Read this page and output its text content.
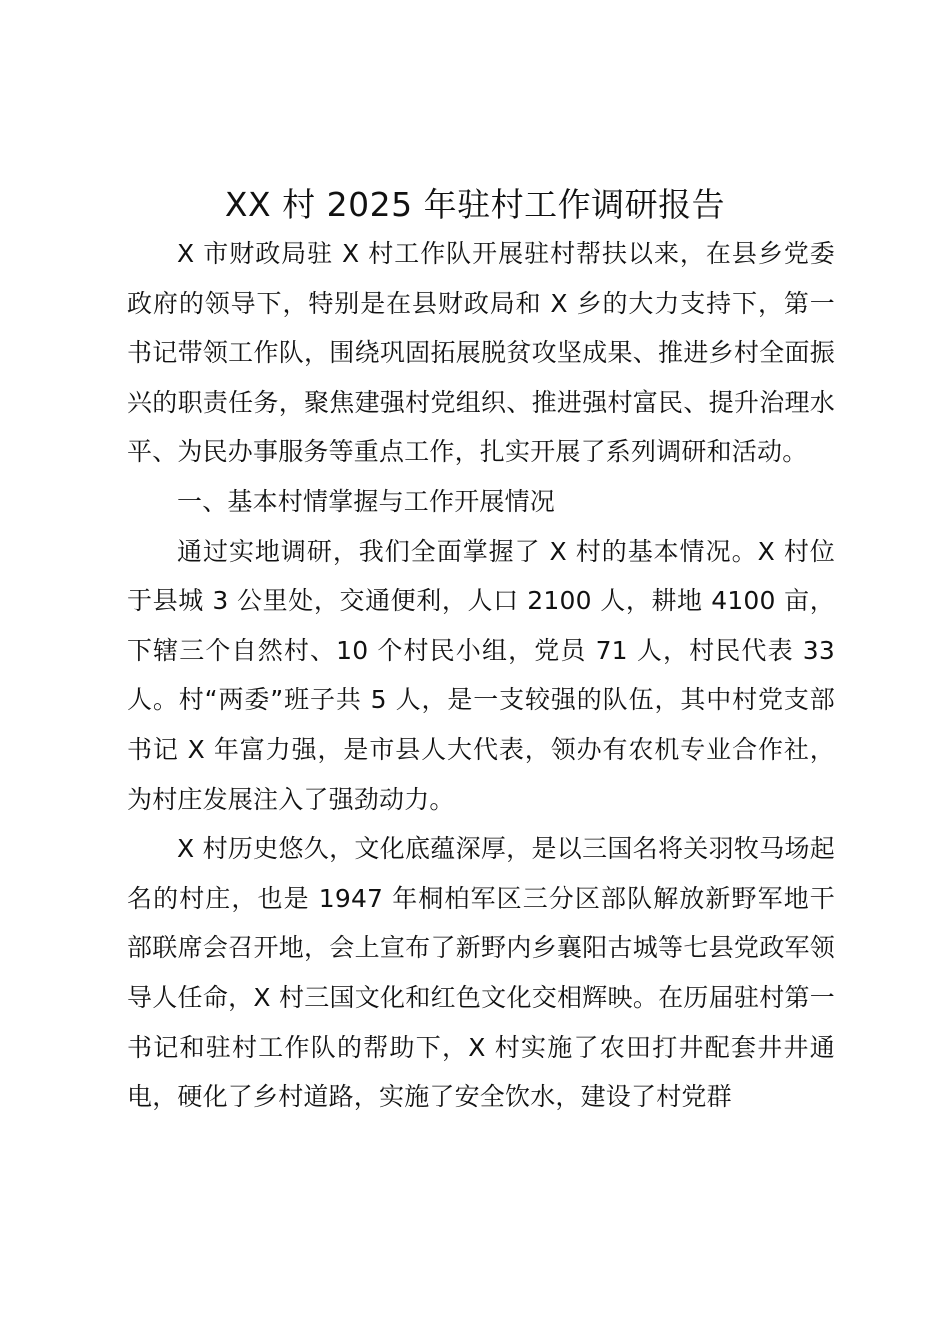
XX 村 2025 年驻村工作调研报告

X 市财政局驻 X 村工作队开展驻村帮扶以来，在县乡党委政府的领导下，特别是在县财政局和 X 乡的大力支持下，第一书记带领工作队，围绕巩固拓展脱贫攻坚成果、推进乡村全面振兴的职责任务，聚焦建强村党组织、推进强村富民、提升治理水平、为民办事服务等重点工作，扎实开展了系列调研和活动。

一、基本村情掌握与工作开展情况

通过实地调研，我们全面掌握了 X 村的基本情况。X 村位于县城 3 公里处，交通便利，人口 2100 人，耕地 4100 亩，下辖三个自然村、10 个村民小组，党员 71 人，村民代表 33 人。村“两委”班子共 5 人，是一支较强的队伍，其中村党支部书记 X 年富力强，是市县人大代表，领办有农机专业合作社，为村庄发展注入了强劲动力。

X 村历史悠久，文化底蕴深厚，是以三国名将关羽牧马场起名的村庄，也是 1947 年桐柏军区三分区部队解放新野军地干部联席会召开地，会上宣布了新野内乡襄阳古城等七县党政军领导人任命，X 村三国文化和红色文化交相辉映。在历届驻村第一书记和驻村工作队的帮助下，X 村实施了农田打井配套井井通电，硬化了乡村道路，实施了安全饮水，建设了村党群
